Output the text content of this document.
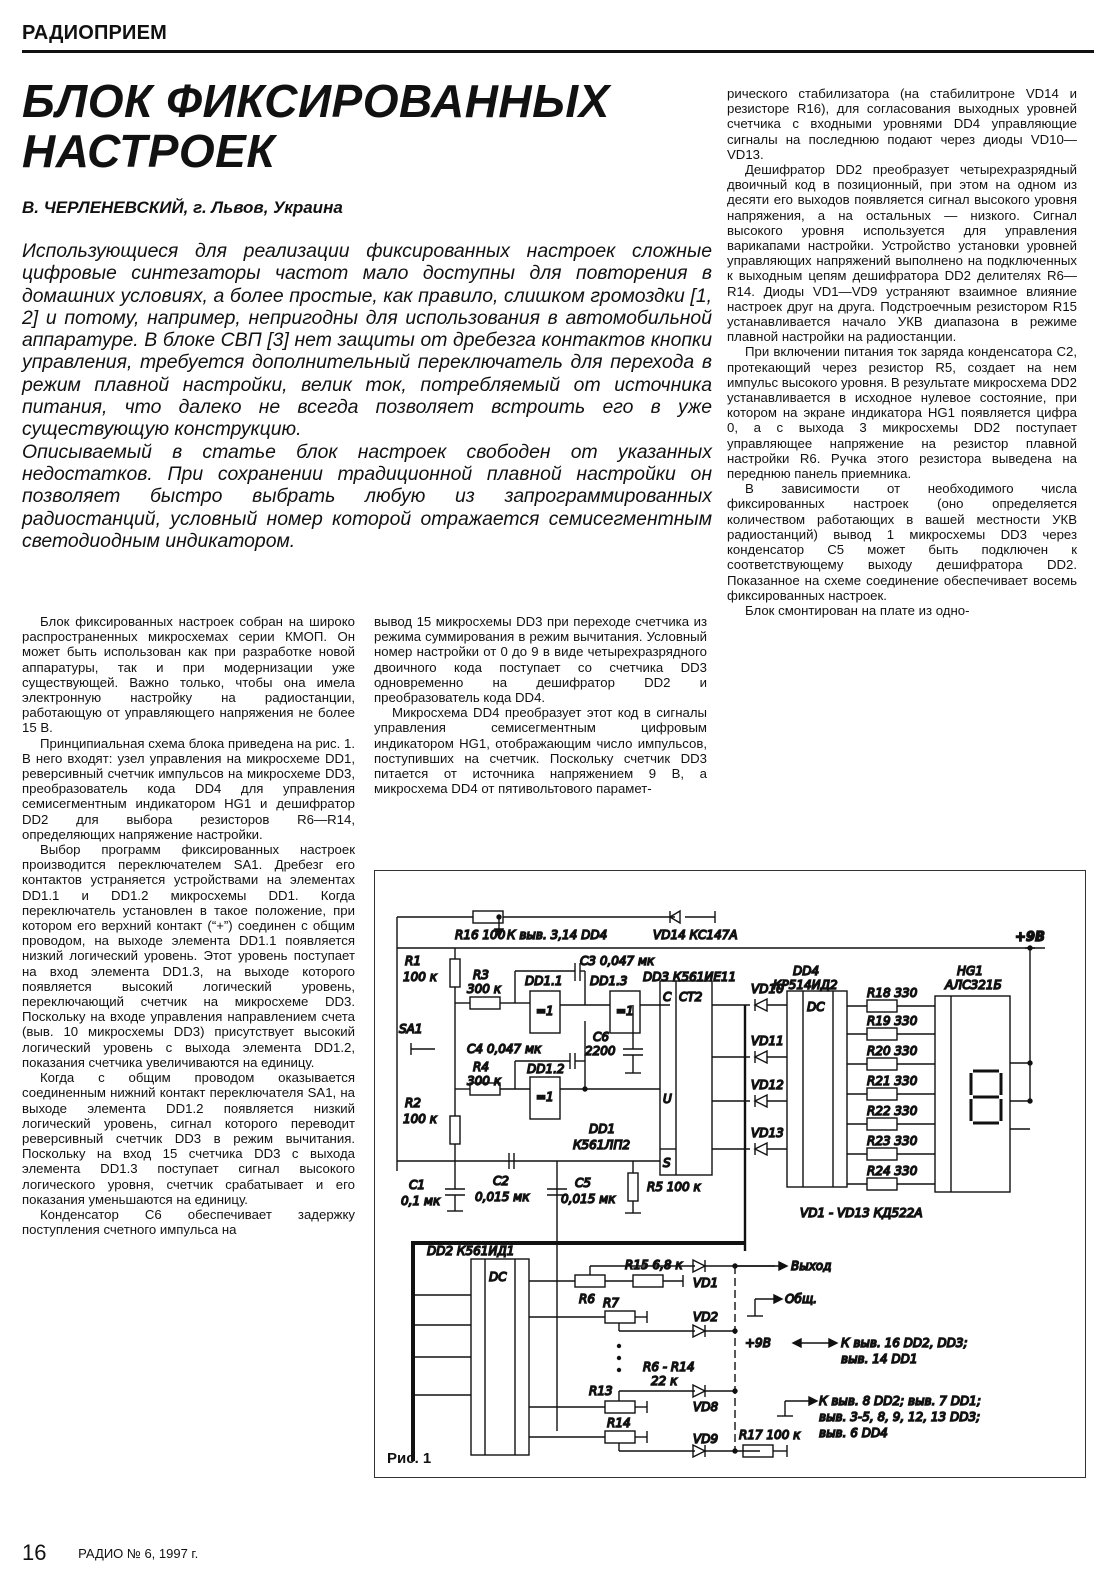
РАДИОПРИЕМ
БЛОК ФИКСИРОВАННЫХ
НАСТРОЕК
В. ЧЕРЛЕНЕВСКИЙ, г. Львов, Украина

Использующиеся для реализации фиксированных настроек сложные цифровые синтезаторы частот мало доступны для повторения в домашних условиях, а более простые, как правило, слишком громоздки [1, 2] и потому, например, непригодны для использования в автомобильной аппаратуре. В блоке СВП [3] нет защиты от дребезга контактов кнопки управления, требуется дополнительный переключатель для перехода в режим плавной настройки, велик ток, потребляемый от источника питания, что далеко не всегда позволяет встроить его в уже существующую конструкцию.

Описываемый в статье блок настроек свободен от указанных недостатков. При сохранении традиционной плавной настройки он позволяет быстро выбрать любую из запрограммированных радиостанций, условный номер которой отражается семисегментным светодиодным индикатором.

рического стабилизатора (на стабилитроне VD14 и резисторе R16), для согласования выходных уровней счетчика с входными уровнями DD4 управляющие сигналы на последнюю подают через диоды VD10—VD13.

Дешифратор DD2 преобразует четырехразрядный двоичный код в позиционный, при этом на одном из десяти его выходов появляется сигнал высокого уровня напряжения, а на остальных — низкого. Сигнал высокого уровня используется для управления варикапами настройки. Устройство установки уровней управляющих напряжений выполнено на подключенных к выходным цепям дешифратора DD2 делителях R6—R14. Диоды VD1—VD9 устраняют взаимное влияние настроек друг на друга. Подстроечным резистором R15 устанавливается начало УКВ диапазона в режиме плавной настройки на радиостанции.

При включении питания ток заряда конденсатора С2, протекающий через резистор R5, создает на нем импульс высокого уровня. В результате микросхема DD2 устанавливается в исходное нулевое состояние, при котором на экране индикатора HG1 появляется цифра 0, а с выхода 3 микросхемы DD2 поступает управляющее напряжение на резистор плавной настройки R6. Ручка этого резистора выведена на переднюю панель приемника.

В зависимости от необходимого числа фиксированных настроек (оно определяется количеством работающих в вашей местности УКВ радиостанций) вывод 1 микросхемы DD3 через конденсатор С5 может быть подключен к соответствующему выходу дешифратора DD2. Показанное на схеме соединение обеспечивает восемь фиксированных настроек.

Блок смонтирован на плате из одно-

Блок фиксированных настроек собран на широко распространенных микросхемах серии КМОП. Он может быть использован как при разработке новой аппаратуры, так и при модернизации уже существующей. Важно только, чтобы она имела электронную настройку на радиостанции, работающую от управляющего напряжения не более 15 В.

Принципиальная схема блока приведена на рис. 1. В него входят: узел управления на микросхеме DD1, реверсивный счетчик импульсов на микросхеме DD3, преобразователь кода DD4 для управления семисегментным индикатором HG1 и дешифратор DD2 для выбора резисторов R6—R14, определяющих напряжение настройки.

Выбор программ фиксированных настроек производится переключателем SA1. Дребезг его контактов устраняется устройствами на элементах DD1.1 и DD1.2 микросхемы DD1. Когда переключатель установлен в такое положение, при котором его верхний контакт (“+”) соединен с общим проводом, на выходе элемента DD1.1 появляется низкий логический уровень. Этот уровень поступает на вход элемента DD1.3, на выходе которого появляется высокий логический уровень, переключающий счетчик на микросхеме DD3. Поскольку на входе управления направлением счета (выв. 10 микросхемы DD3) присутствует высокий логический уровень с выхода элемента DD1.2, показания счетчика увеличиваются на единицу.

Когда с общим проводом оказывается соединенным нижний контакт переключателя SA1, на выходе элемента DD1.2 появляется низкий логический уровень, сигнал которого переводит реверсивный счетчик DD3 в режим вычитания. Поскольку на вход 15 счетчика DD3 с выхода элемента DD1.3 поступает сигнал высокого логического уровня, счетчик срабатывает и его показания уменьшаются на единицу.

Конденсатор С6 обеспечивает задержку поступления счетного импульса на

вывод 15 микросхемы DD3 при переходе счетчика из режима суммирования в режим вычитания. Условный номер настройки от 0 до 9 в виде четырехразрядного двоичного кода поступает со счетчика DD3 одновременно на дешифратор DD2 и преобразователь кода DD4.

Микросхема DD4 преобразует этот код в сигналы управления семисегментным цифровым индикатором HG1, отображающим число импульсов, поступивших на счетчик. Поскольку счетчик DD3 питается от источника напряжением 9 В, а микросхема DD4 от пятивольтового парамет-

R16 100 К выв. 3,14 DD4	VD14 КС147А	+9В
R1
100 к	R3
300 к
DD1.1 DD1.3
C3 0,047 мк
DD3 К561ИЕ11
=1	=1
=1
SA1
C4 0,047 мк
C6
2200
R4
300 к
DD1.2
R2
100 к
DD1
К561ЛП2
C1
0,1 мк
C2
0,015 мк
C5
0,015 мк
R5 100 к
C CT2
U
S
VD10
VD11
VD12
VD13
DD4
КР514ИД2
DC
R18 330
R19 330
R20 330
R21 330
R22 330
R23 330
R24 330
HG1
АЛС321Б
VD1 - VD13 КД522А
DD2 К561ИД1
DC
R15 6,8 к
R6 R7
R13
R14
R6 - R14
22 к
VD1
VD2
VD8
VD9
Выход
Общ.
+9В	К выв. 16 DD2, DD3;
выв. 14 DD1
К выв. 8 DD2; выв. 7 DD1;
выв. 3-5, 8, 9, 12, 13 DD3;
выв. 6 DD4
R17 100 к
Рис. 1
16 РАДИО № 6, 1997 г.
